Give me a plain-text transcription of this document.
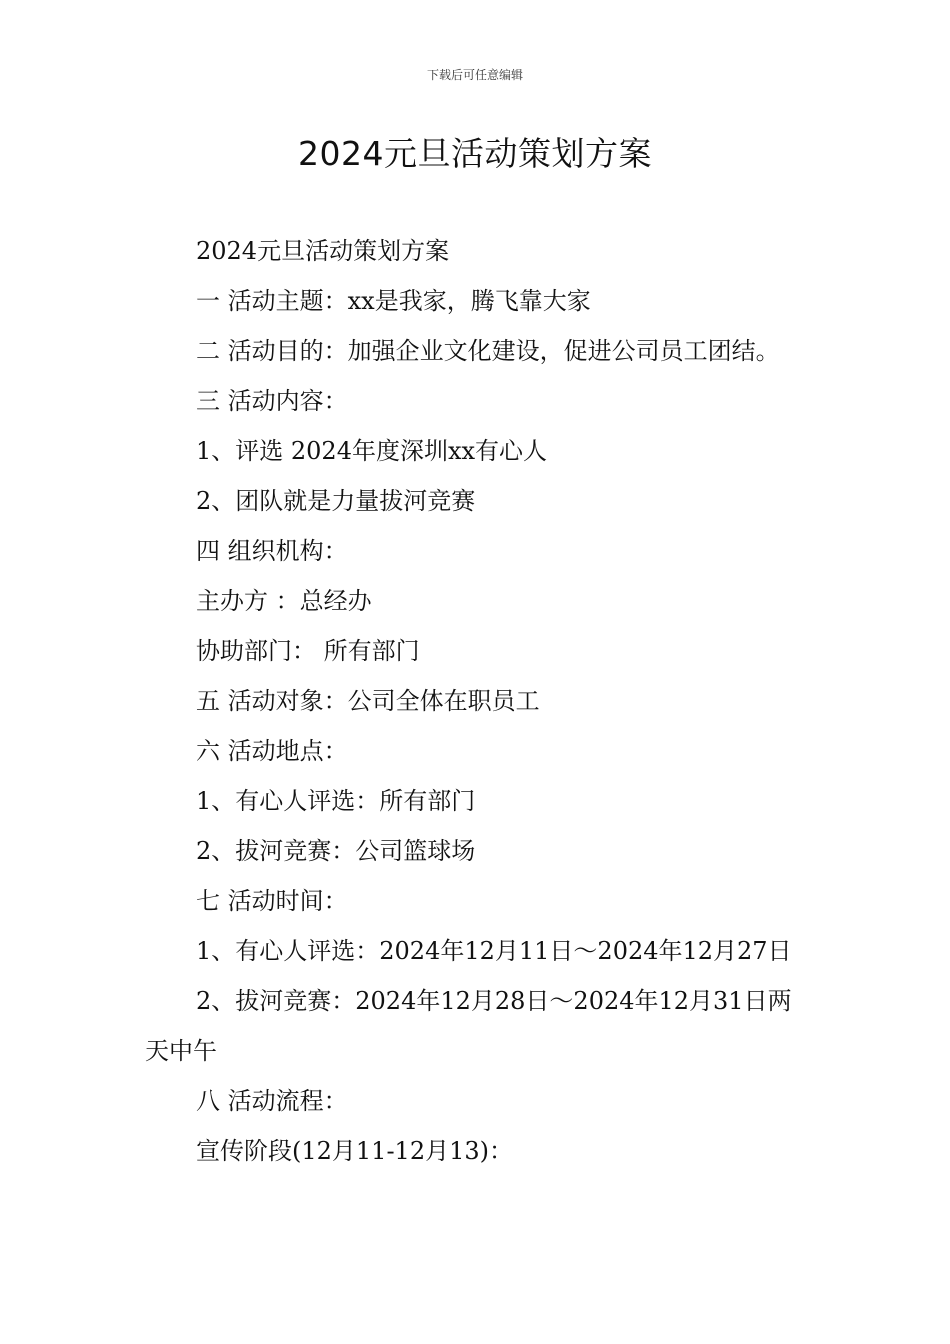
下载后可任意编辑
2024元旦活动策划方案

2024元旦活动策划方案

一 活动主题：xx是我家，腾飞靠大家

二 活动目的：加强企业文化建设，促进公司员工团结。

三 活动内容：

1、评选 2024年度深圳xx有心人

2、团队就是力量拔河竞赛

四 组织机构：

主办方 ：总经办

协助部门： 所有部门

五 活动对象：公司全体在职员工

六 活动地点：

1、有心人评选：所有部门

2、拔河竞赛：公司篮球场

七 活动时间：

1、有心人评选：2024年12月11日～2024年12月27日

2、拔河竞赛：2024年12月28日～2024年12月31日两天中午

八 活动流程：

宣传阶段(12月11-12月13)：
